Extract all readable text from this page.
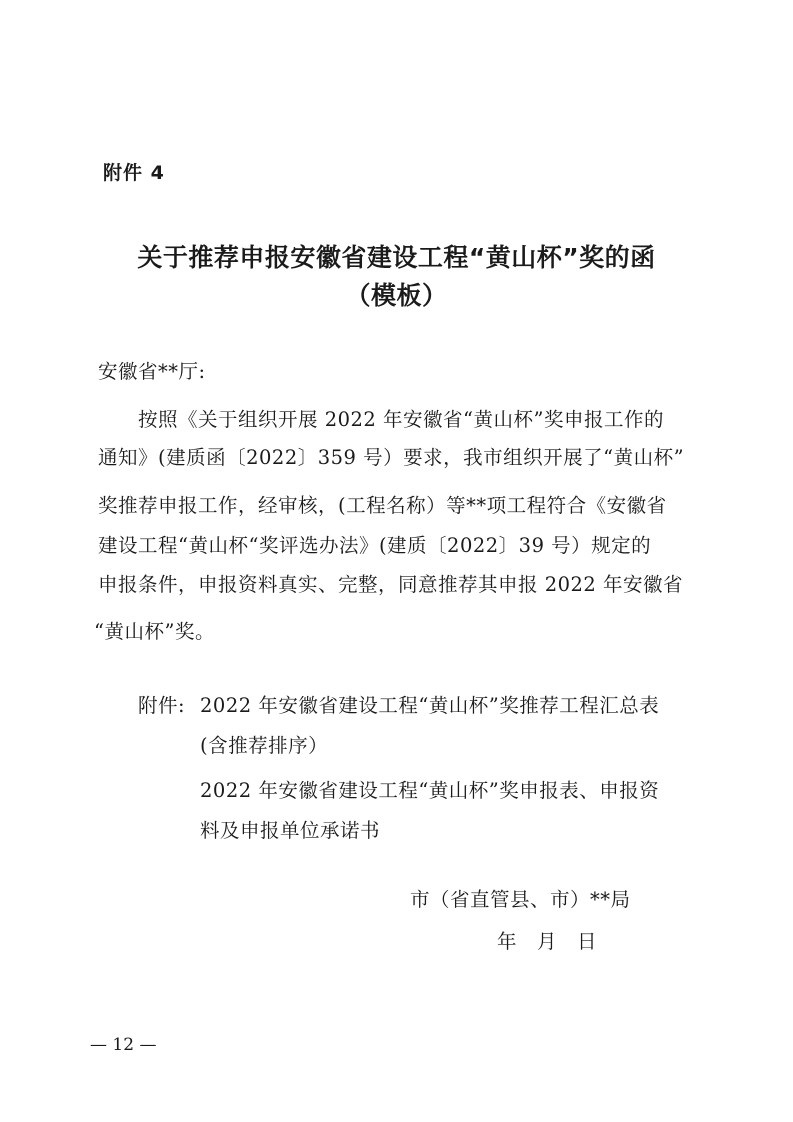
附件 4
关于推荐申报安徽省建设工程“黄山杯”奖的函
（模板）
安徽省**厅:
按照《关于组织开展 2022 年安徽省“黄山杯”奖申报工作的
通知》(建质函〔2022〕359 号）要求，我市组织开展了“黄山杯”
奖推荐申报工作，经审核，(工程名称）等**项工程符合《安徽省
建设工程“黄山杯“奖评选办法》(建质〔2022〕39 号）规定的
申报条件，申报资料真实、完整，同意推荐其申报 2022 年安徽省
“黄山杯”奖。
附件: 2022 年安徽省建设工程“黄山杯”奖推荐工程汇总表
(含推荐排序）
2022 年安徽省建设工程“黄山杯”奖申报表、申报资
料及申报单位承诺书
市（省直管县、市）**局
年 月 日
— 12 —
